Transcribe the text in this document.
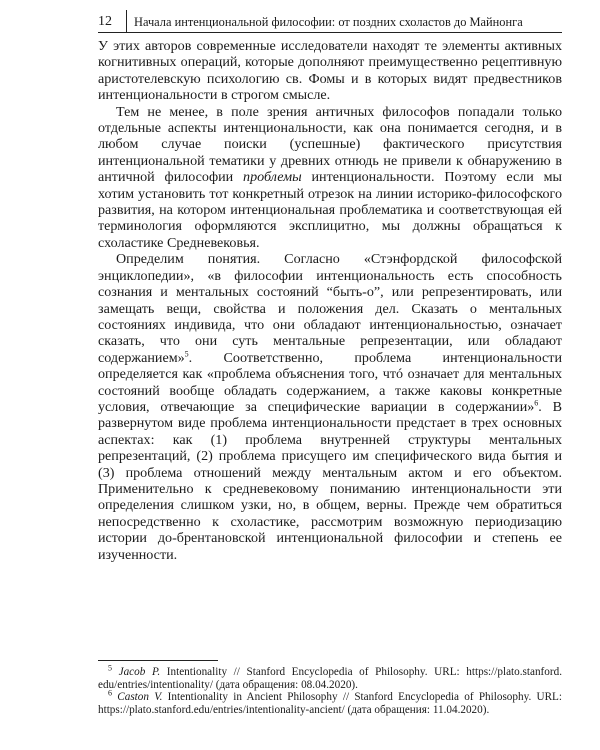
12 Начала интенциональной философии: от поздних схоластов до Майнонга

У этих авторов современные исследователи находят те элементы активных когнитивных операций, которые дополняют преимущественно рецептивную аристотелевскую психологию св. Фомы и в которых видят предвестников интенциональности в строгом смысле.

Тем не менее, в поле зрения античных философов попадали только отдельные аспекты интенциональности, как она понимается сегодня, и в любом случае поиски (успешные) фактического присутствия интенциональной тематики у древних отнюдь не привели к обнаружению в античной философии проблемы интенциональности. Поэтому если мы хотим установить тот конкретный отрезок на линии историко-философского развития, на котором интенциональная проблематика и соответствующая ей терминология оформляются эксплицитно, мы должны обращаться к схоластике Средневековья.

Определим понятия. Согласно «Стэнфордской философской энциклопедии», «в философии интенциональность есть способность сознания и ментальных состояний “быть-о”, или репрезентировать, или замещать вещи, свойства и положения дел. Сказать о ментальных состояниях индивида, что они обладают интенциональностью, означает сказать, что они суть ментальные репрезентации, или обладают содержанием»$^5$. Соответственно, проблема интенциональности определяется как «проблема объяснения того, чтó означает для ментальных состояний вообще обладать содержанием, а также каковы конкретные условия, отвечающие за специфические вариации в содержании»$^6$. В развернутом виде проблема интенциональности предстает в трех основных аспектах: как (1) проблема внутренней структуры ментальных репрезентаций, (2) проблема присущего им специфического вида бытия и (3) проблема отношений между ментальным актом и его объектом. Применительно к средневековому пониманию интенциональности эти определения слишком узки, но, в общем, верны. Прежде чем обратиться непосредственно к схоластике, рассмотрим возможную периодизацию истории до-брентановской интенциональной философии и степень ее изученности.

$^5$ Jacob P. Intentionality // Stanford Encyclopedia of Philosophy. URL: https://plato.stanford. edu/entries/intentionality/ (дата обращения: 08.04.2020).

$^6$ Caston V. Intentionality in Ancient Philosophy // Stanford Encyclopedia of Philosophy. URL: https://plato.stanford.edu/entries/intentionality-ancient/ (дата обращения: 11.04.2020).
